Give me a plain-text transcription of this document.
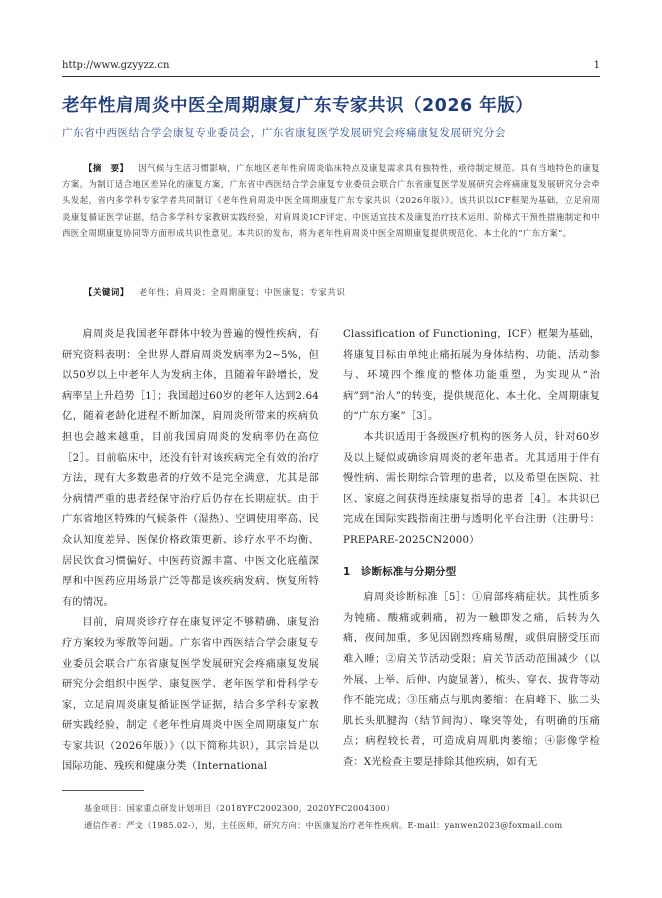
http://www.gzyyzz.cn	1
老年性肩周炎中医全周期康复广东专家共识（2026 年版）
广东省中西医结合学会康复专业委员会，广东省康复医学发展研究会疼痛康复发展研究分会
【摘　要】 因气候与生活习惯影响，广东地区老年性肩周炎临床特点及康复需求具有独特性，亟待制定规范、具有当地特色的康复方案。为制订适合地区差异化的康复方案，广东省中西医结合学会康复专业委员会联合广东省康复医学发展研究会疼痛康复发展研究分会牵头发起，省内多学科专家学者共同制订《老年性肩周炎中医全周期康复广东专家共识（2026年版）》。该共识以ICF框架为基础，立足肩周炎康复循证医学证据，结合多学科专家教研实践经验，对肩周炎ICF评定、中医适宜技术及康复治疗技术运用、阶梯式干预性措施制定和中西医全周期康复协同等方面形成共识性意见。本共识的发布，将为老年性肩周炎中医全周期康复提供规范化、本土化的“广东方案”。
【关键词】 老年性；肩周炎；全周期康复；中医康复；专家共识

肩周炎是我国老年群体中较为普遍的慢性疾病，有研究资料表明：全世界人群肩周炎发病率为2~5%，但以50岁以上中老年人为发病主体，且随着年龄增长，发病率呈上升趋势［1］；我国超过60岁的老年人达到2.64亿，随着老龄化进程不断加深，肩周炎所带来的疾病负担也会越来越重，目前我国肩周炎的发病率仍在高位［2］。目前临床中，还没有针对该疾病完全有效的治疗方法，现有大多数患者的疗效不是完全满意，尤其是部分病情严重的患者经保守治疗后仍存在长期症状。由于广东省地区特殊的气候条件（湿热）、空调使用率高、民众认知度差异、医保价格政策更新、诊疗水平不均衡、居民饮食习惯偏好、中医药资源丰富、中医文化底蕴深厚和中医药应用场景广泛等都是该疾病发病、恢复所特有的情况。

目前，肩周炎诊疗存在康复评定不够精确、康复治疗方案较为零散等问题。广东省中西医结合学会康复专业委员会联合广东省康复医学发展研究会疼痛康复发展研究分会组织中医学、康复医学、老年医学和骨科学专家，立足肩周炎康复循证医学证据，结合多学科专家教研实践经验，制定《老年性肩周炎中医全周期康复广东专家共识（2026年版）》（以下简称共识），其宗旨是以国际功能、残疾和健康分类（International

Classification of Functioning，ICF）框架为基础，将康复目标由单纯止痛拓展为身体结构、功能、活动参与、环境四个维度的整体功能重塑，为实现从“治病”到“治人”的转变，提供规范化、本土化、全周期康复的“广东方案”［3］。

本共识适用于各级医疗机构的医务人员，针对60岁及以上疑似或确诊肩周炎的老年患者。尤其适用于伴有慢性病、需长期综合管理的患者，以及希望在医院、社区、家庭之间获得连续康复指导的患者［4］。本共识已完成在国际实践指南注册与透明化平台注册（注册号：PREPARE-2025CN2000）

1　诊断标准与分期分型

肩周炎诊断标准［5］：①肩部疼痛症状。其性质多为钝痛、酸痛或刺痛，初为一触即发之痛，后转为久痛，夜间加重，多见因剧烈疼痛易醒，或俱肩膀受压而难入睡；②肩关节活动受限；肩关节活动范围减少（以外展、上举、后伸、内旋显著），梳头、穿衣、拔背等动作不能完成；③压痛点与肌肉萎缩：在肩峰下、肱二头肌长头肌腱沟（结节间沟）、喙突等处，有明确的压痛点；病程较长者，可造成肩周肌肉萎缩；④影像学检查：X光检查主要是排除其他疾病，如有无

基金项目：国家重点研发计划项目（2018YFC2002300，2020YFC2004300）

通信作者：严文（1985.02-），男，主任医师，研究方向：中医康复治疗老年性疾病。E-mail：yanwen2023@foxmail.com
